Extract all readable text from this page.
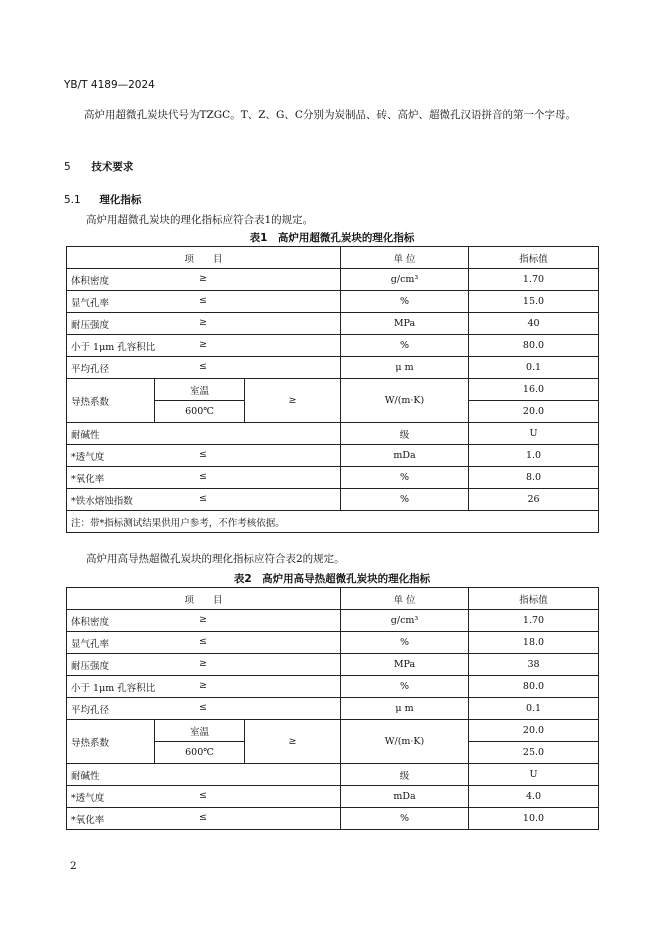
YB/T 4189—2024
高炉用超微孔炭块代号为TZGC。T、Z、G、C分别为炭制品、砖、高炉、超微孔汉语拼音的第一个字母。
5 技术要求
5.1 理化指标
高炉用超微孔炭块的理化指标应符合表1的规定。
表1　高炉用超微孔炭块的理化指标
项　　目			单 位	指标值

体积密度 ≥			g/cm³	1.70

显气孔率 ≤			%	15.0

耐压强度 ≥			MPa	40

小于 1μm 孔容积比 ≥			%	80.0

平均孔径 ≤			μ m	0.1
导热系数	室温	≥	W/(m·K)	16.0
	600℃			20.0

耐碱性			级	U

*透气度 ≤			mDa	1.0

*氧化率 ≤			%	8.0

*铁水熔蚀指数 ≤			%	26
注：带*指标测试结果供用户参考，不作考核依据。				
高炉用高导热超微孔炭块的理化指标应符合表2的规定。
表2　高炉用高导热超微孔炭块的理化指标
项　　目			单 位	指标值

体积密度 ≥			g/cm³	1.70

显气孔率 ≤			%	18.0

耐压强度 ≥			MPa	38

小于 1μm 孔容积比 ≥			%	80.0

平均孔径 ≤			μ m	0.1
导热系数	室温	≥	W/(m·K)	20.0
	600℃			25.0

耐碱性			级	U

*透气度 ≤			mDa	4.0

*氧化率 ≤			%	10.0
2
